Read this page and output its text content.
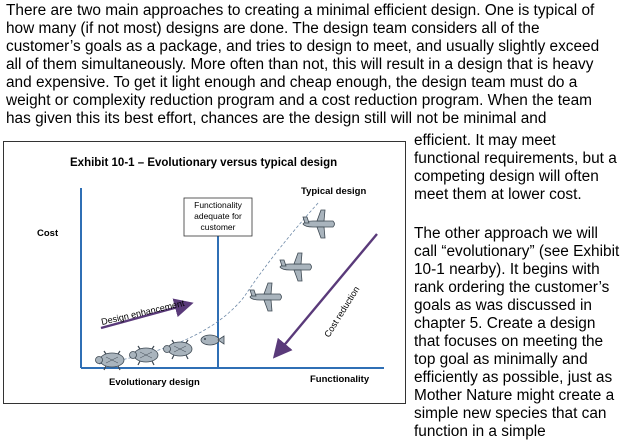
There are two main approaches to creating a minimal efficient design. One is typical of
how many (if not most) designs are done. The design team considers all of the
customer’s goals as a package, and tries to design to meet, and usually slightly exceed
all of them simultaneously. More often than not, this will result in a design that is heavy
and expensive. To get it light enough and cheap enough, the design team must do a
weight or complexity reduction program and a cost reduction program. When the team
has given this its best effort, chances are the design still will not be minimal and
efficient. It may meet
functional requirements, but a
competing design will often
meet them at lower cost.
The other approach we will
call “evolutionary” (see Exhibit
10-1 nearby). It begins with
rank ordering the customer’s
goals as was discussed in
chapter 5. Create a design
that focuses on meeting the
top goal as minimally and
efficiently as possible, just as
Mother Nature might create a
simple new species that can
function in a simple
Exhibit 10-1 – Evolutionary versus typical design
Cost
Functionality
Functionality
adequate for
customer
Typical design
Design enhancement	Cost reduction
Evolutionary design
